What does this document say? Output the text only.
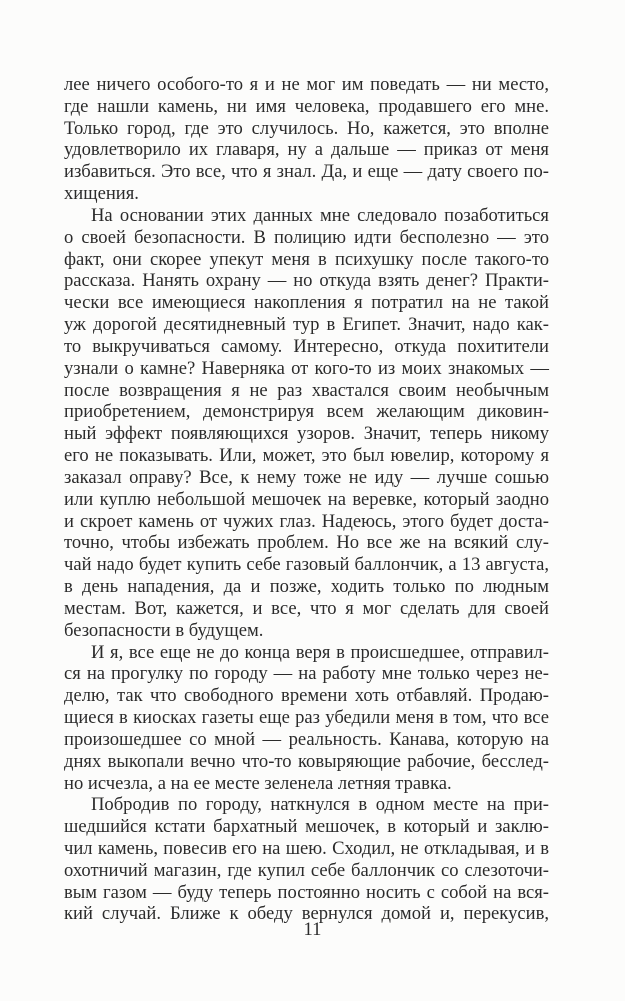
лее ничего особого-то я и не мог им поведать — ни место,
где нашли камень, ни имя человека, продавшего его мне.
Только город, где это случилось. Но, кажется, это вполне
удовлетворило их главаря, ну а дальше — приказ от меня
избавиться. Это все, что я знал. Да, и еще — дату своего по-
хищения.
На основании этих данных мне следовало позаботиться
о своей безопасности. В полицию идти бесполезно — это
факт, они скорее упекут меня в психушку после такого-то
рассказа. Нанять охрану — но откуда взять денег? Практи-
чески все имеющиеся накопления я потратил на не такой
уж дорогой десятидневный тур в Египет. Значит, надо как-
то выкручиваться самому. Интересно, откуда похитители
узнали о камне? Наверняка от кого-то из моих знакомых —
после возвращения я не раз хвастался своим необычным
приобретением, демонстрируя всем желающим диковин-
ный эффект появляющихся узоров. Значит, теперь никому
его не показывать. Или, может, это был ювелир, которому я
заказал оправу? Все, к нему тоже не иду — лучше сошью
или куплю небольшой мешочек на веревке, который заодно
и скроет камень от чужих глаз. Надеюсь, этого будет доста-
точно, чтобы избежать проблем. Но все же на всякий слу-
чай надо будет купить себе газовый баллончик, а 13 августа,
в день нападения, да и позже, ходить только по людным
местам. Вот, кажется, и все, что я мог сделать для своей
безопасности в будущем.
И я, все еще не до конца веря в происшедшее, отправил-
ся на прогулку по городу — на работу мне только через не-
делю, так что свободного времени хоть отбавляй. Продаю-
щиеся в киосках газеты еще раз убедили меня в том, что все
произошедшее со мной — реальность. Канава, которую на
днях выкопали вечно что-то ковыряющие рабочие, бесслед-
но исчезла, а на ее месте зеленела летняя травка.
Побродив по городу, наткнулся в одном месте на при-
шедшийся кстати бархатный мешочек, в который и заклю-
чил камень, повесив его на шею. Сходил, не откладывая, и в
охотничий магазин, где купил себе баллончик со слезоточи-
вым газом — буду теперь постоянно носить с собой на вся-
кий случай. Ближе к обеду вернулся домой и, перекусив,
11
